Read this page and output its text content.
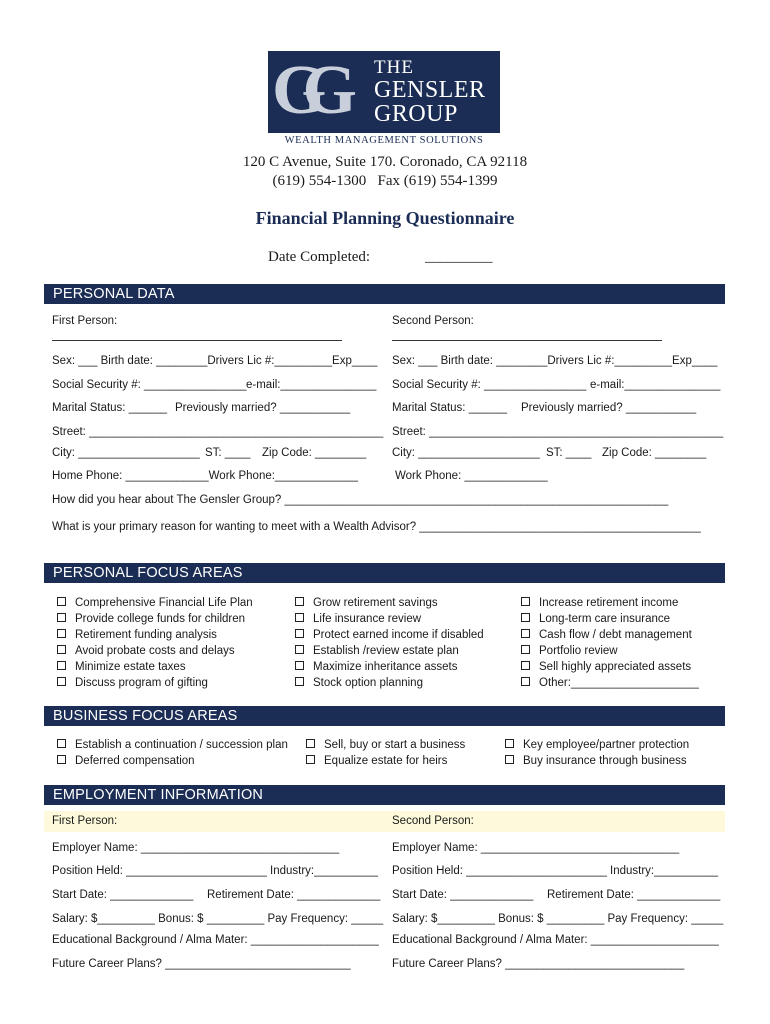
GG THE
GENSLER
GROUP
WEALTH MANAGEMENT SOLUTIONS
120 C Avenue, Suite 170. Coronado, CA 92118
(619) 554-1300   Fax (619) 554-1399
Financial Planning Questionnaire
Date Completed:	_________
PERSONAL DATA
First Person:	Second Person:
Sex: ___ Birth date: ________Drivers Lic #:_________Exp____ Sex: ___ Birth date: ________Drivers Lic #:_________Exp____
Social Security #: ________________ e-mail:_______________ Social Security #: ________________ e-mail:_______________
Marital Status: ______ Previously married? ___________	Marital Status: ______ Previously married? ___________
Street: ______________________________________________ Street: ______________________________________________
City: ___________________ ST: ____ Zip Code: ________ City: ___________________ ST: ____ Zip Code: ________
Home Phone: _____________Work Phone:_____________	Work Phone: _____________
How did you hear about The Gensler Group? ____________________________________________________________
What is your primary reason for wanting to meet with a Wealth Advisor? ____________________________________________
PERSONAL FOCUS AREAS
Comprehensive Financial Life Plan
Provide college funds for children
Retirement funding analysis
Avoid probate costs and delays
Minimize estate taxes
Discuss program of gifting
Grow retirement savings
Life insurance review
Protect earned income if disabled
Establish /review estate plan
Maximize inheritance assets
Stock option planning
Increase retirement income
Long-term care insurance
Cash flow / debt management
Portfolio review
Sell highly appreciated assets
Other:____________________
BUSINESS FOCUS AREAS
Establish a continuation / succession plan
Deferred compensation
Sell, buy or start a business
Equalize estate for heirs
Key employee/partner protection
Buy insurance through business
EMPLOYMENT INFORMATION
First Person:	Second Person:
Employer Name: _______________________________	Employer Name: _______________________________
Position Held: ______________________ Industry:__________ Position Held: ______________________ Industry:__________
Start Date: _____________ Retirement Date: _____________ Start Date: _____________ Retirement Date: _____________
Salary: $_________ Bonus: $ _________ Pay Frequency: _____ Salary: $_________ Bonus: $ _________ Pay Frequency: _____
Educational Background / Alma Mater: ____________________ Educational Background / Alma Mater: ____________________
Future Career Plans? _____________________________	Future Career Plans? ____________________________
